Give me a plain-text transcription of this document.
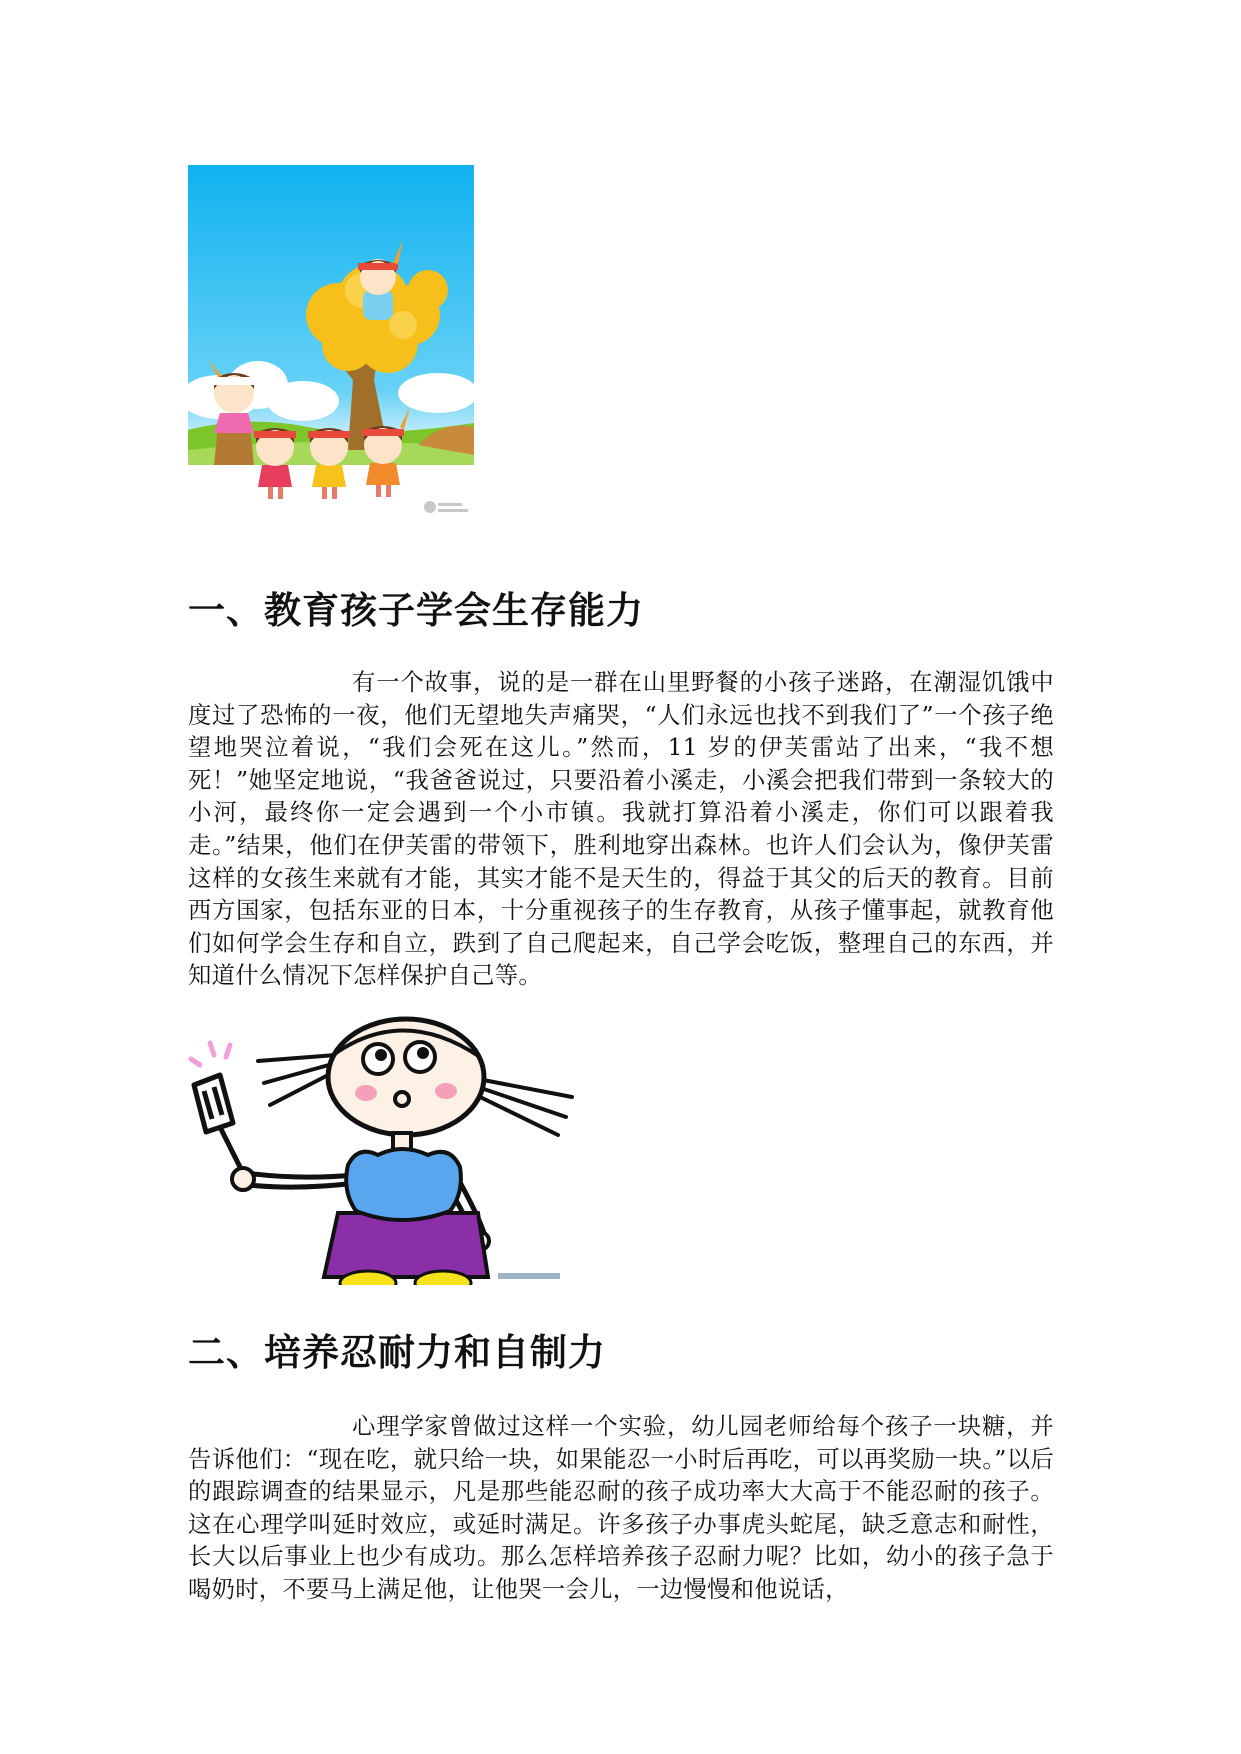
一、教育孩子学会生存能力

有一个故事，说的是一群在山里野餐的小孩子迷路，在潮湿饥饿中度过了恐怖的一夜，他们无望地失声痛哭，“人们永远也找不到我们了”一个孩子绝望地哭泣着说，“我们会死在这儿。”然而，11 岁的伊芙雷站了出来，“我不想死！”她坚定地说，“我爸爸说过，只要沿着小溪走，小溪会把我们带到一条较大的小河，最终你一定会遇到一个小市镇。我就打算沿着小溪走，你们可以跟着我走。”结果，他们在伊芙雷的带领下，胜利地穿出森林。也许人们会认为，像伊芙雷这样的女孩生来就有才能，其实才能不是天生的，得益于其父的后天的教育。目前西方国家，包括东亚的日本，十分重视孩子的生存教育，从孩子懂事起，就教育他们如何学会生存和自立，跌到了自己爬起来，自己学会吃饭，整理自己的东西，并知道什么情况下怎样保护自己等。

二、培养忍耐力和自制力

心理学家曾做过这样一个实验，幼儿园老师给每个孩子一块糖，并告诉他们：“现在吃，就只给一块，如果能忍一小时后再吃，可以再奖励一块。”以后的跟踪调查的结果显示，凡是那些能忍耐的孩子成功率大大高于不能忍耐的孩子。这在心理学叫延时效应，或延时满足。许多孩子办事虎头蛇尾，缺乏意志和耐性，长大以后事业上也少有成功。那么怎样培养孩子忍耐力呢？比如，幼小的孩子急于喝奶时，不要马上满足他，让他哭一会儿，一边慢慢和他说话，
